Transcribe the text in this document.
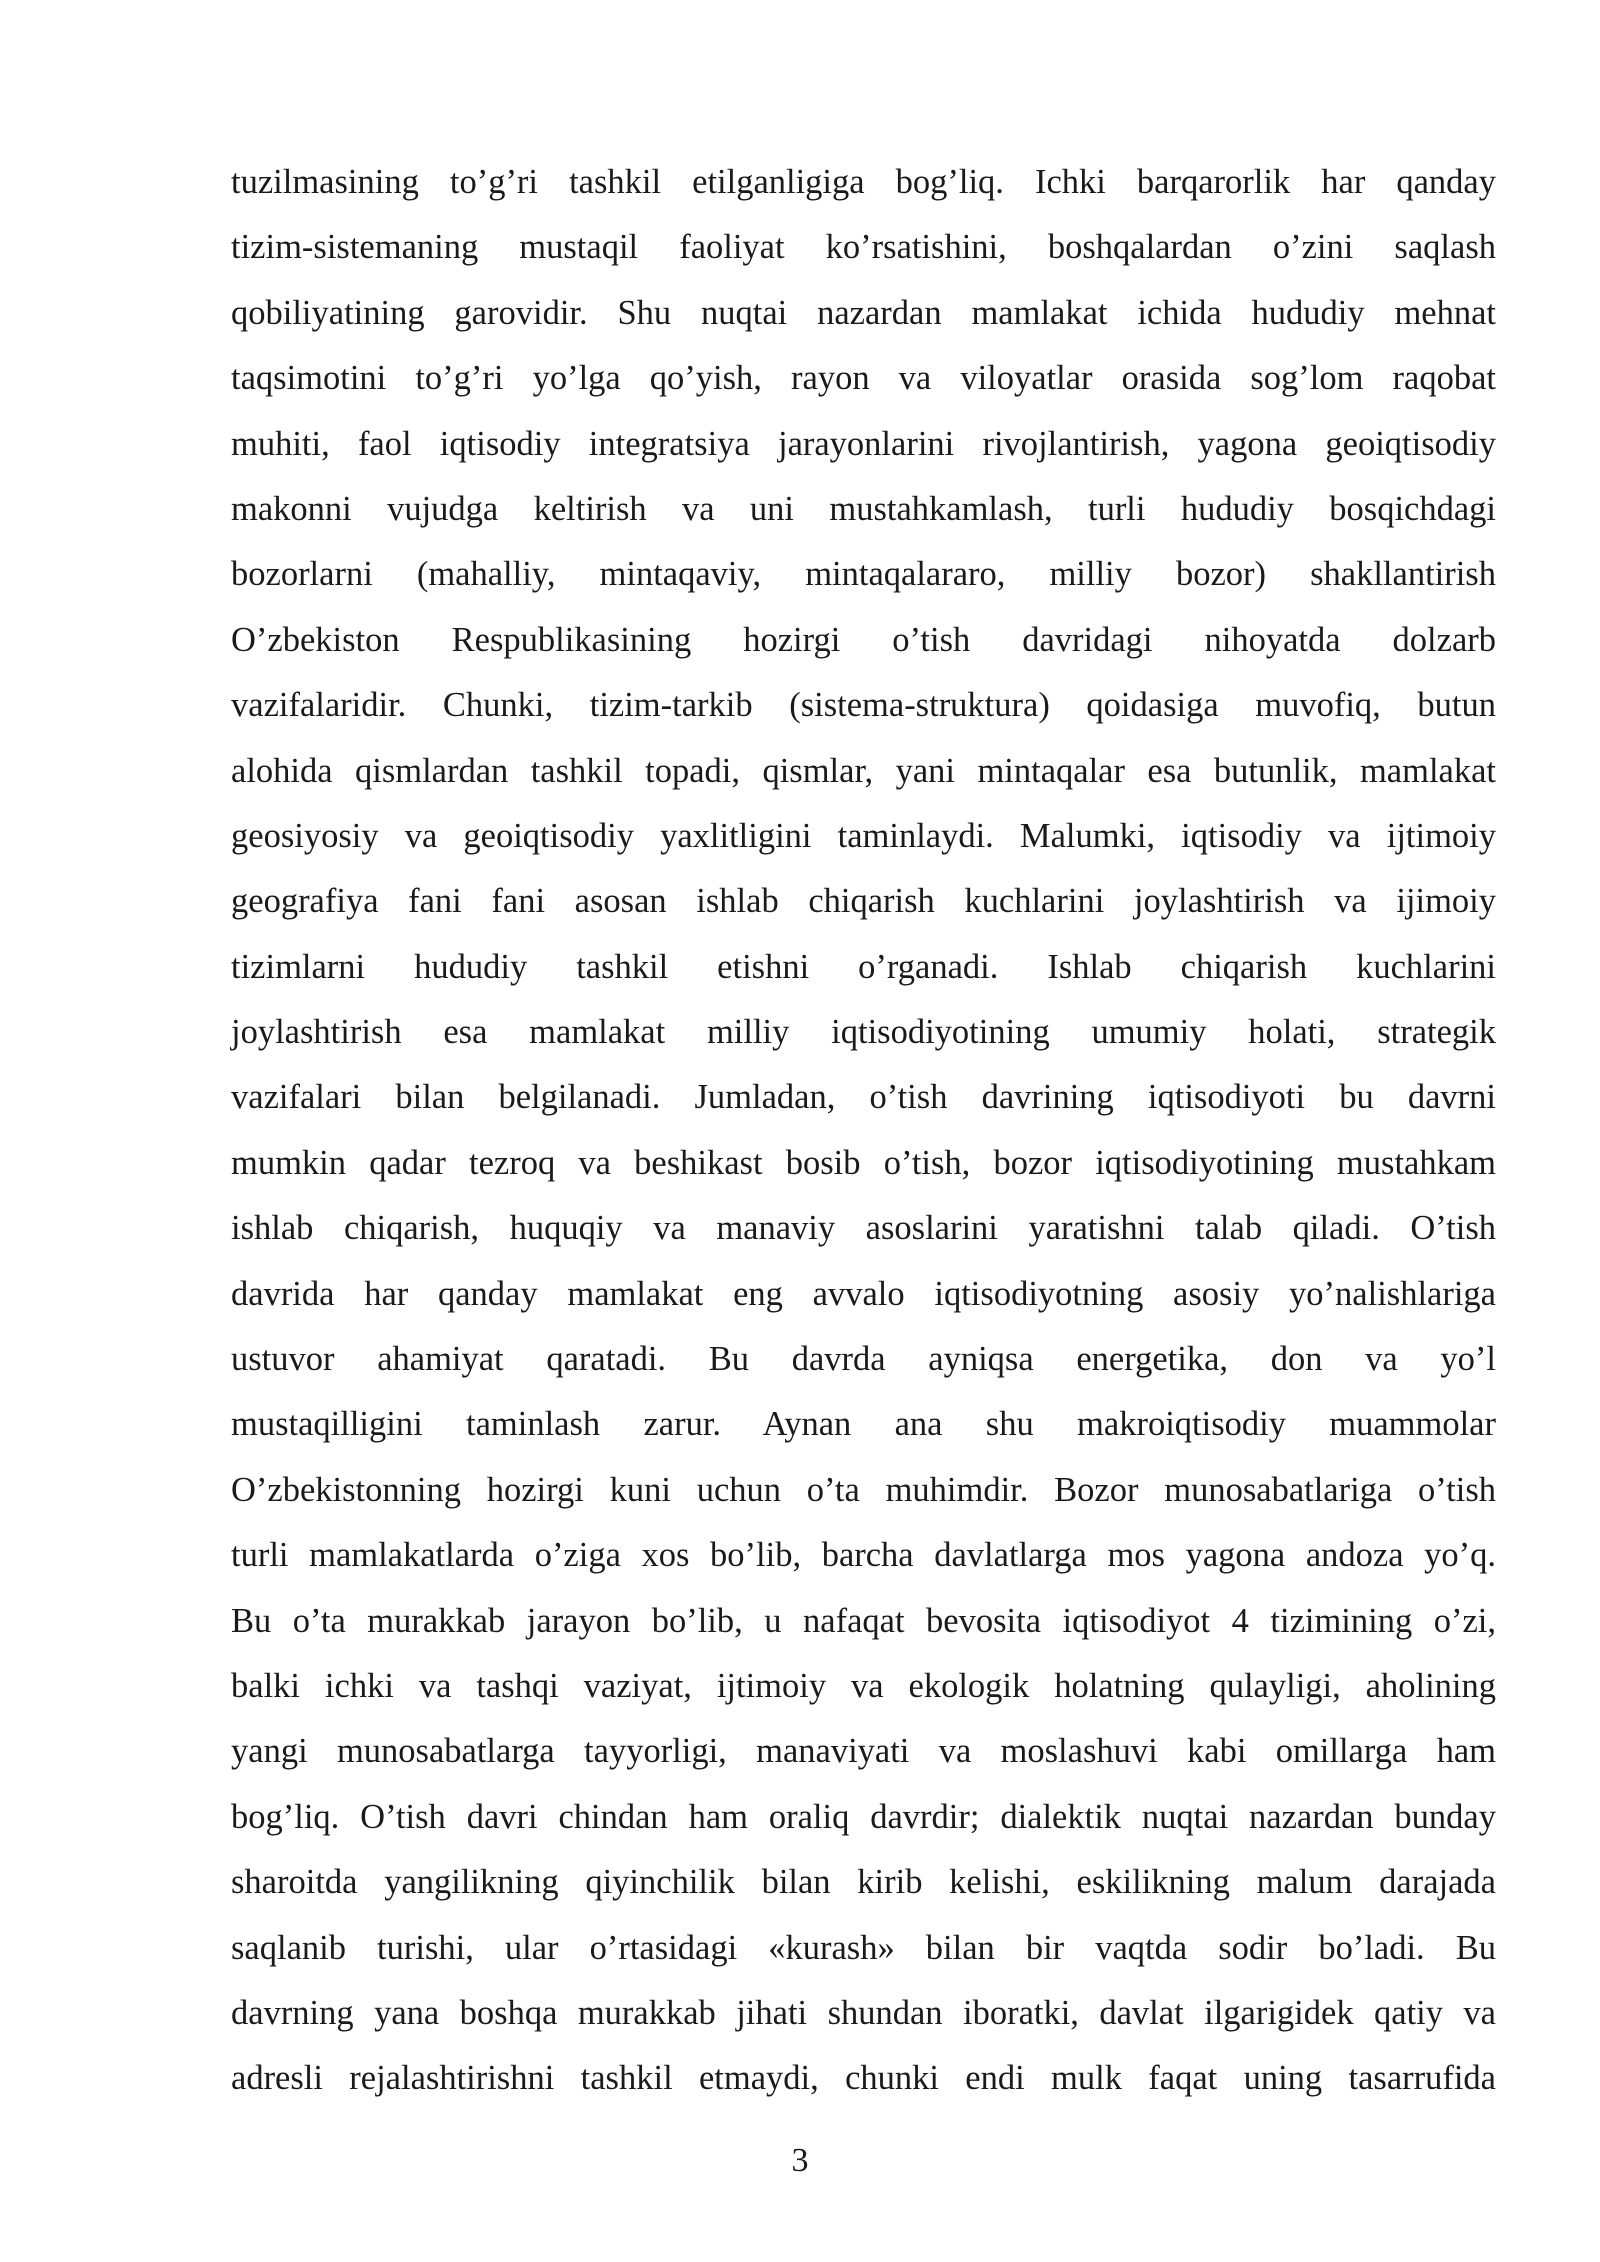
tuzilmasining to’g’ri tashkil etilganligiga bog’liq. Ichki barqarorlik har qanday
tizim-sistemaning mustaqil faoliyat ko’rsatishini, boshqalardan o’zini saqlash
qobiliyatining garovidir. Shu nuqtai nazardan mamlakat ichida hududiy mehnat
taqsimotini to’g’ri yo’lga qo’yish, rayon va viloyatlar orasida sog’lom raqobat
muhiti, faol iqtisodiy integratsiya jarayonlarini rivojlantirish, yagona geoiqtisodiy
makonni vujudga keltirish va uni mustahkamlash, turli hududiy bosqichdagi
bozorlarni (mahalliy, mintaqaviy, mintaqalararo, milliy bozor) shakllantirish
O’zbekiston Respublikasining hozirgi o’tish davridagi nihoyatda dolzarb
vazifalaridir. Chunki, tizim-tarkib (sistema-struktura) qoidasiga muvofiq, butun
alohida qismlardan tashkil topadi, qismlar, yani mintaqalar esa butunlik, mamlakat
geosiyosiy va geoiqtisodiy yaxlitligini taminlaydi. Malumki, iqtisodiy va ijtimoiy
geografiya fani fani asosan ishlab chiqarish kuchlarini joylashtirish va ijimoiy
tizimlarni hududiy tashkil etishni o’rganadi. Ishlab chiqarish kuchlarini
joylashtirish esa mamlakat milliy iqtisodiyotining umumiy holati, strategik
vazifalari bilan belgilanadi. Jumladan, o’tish davrining iqtisodiyoti bu davrni
mumkin qadar tezroq va beshikast bosib o’tish, bozor iqtisodiyotining mustahkam
ishlab chiqarish, huquqiy va manaviy asoslarini yaratishni talab qiladi. O’tish
davrida har qanday mamlakat eng avvalo iqtisodiyotning asosiy yo’nalishlariga
ustuvor ahamiyat qaratadi. Bu davrda ayniqsa energetika, don va yo’l
mustaqilligini taminlash zarur. Aynan ana shu makroiqtisodiy muammolar
O’zbekistonning hozirgi kuni uchun o’ta muhimdir. Bozor munosabatlariga o’tish
turli mamlakatlarda o’ziga xos bo’lib, barcha davlatlarga mos yagona andoza yo’q.
Bu o’ta murakkab jarayon bo’lib, u nafaqat bevosita iqtisodiyot 4 tizimining o’zi,
balki ichki va tashqi vaziyat, ijtimoiy va ekologik holatning qulayligi, aholining
yangi munosabatlarga tayyorligi, manaviyati va moslashuvi kabi omillarga ham
bog’liq. O’tish davri chindan ham oraliq davrdir; dialektik nuqtai nazardan bunday
sharoitda yangilikning qiyinchilik bilan kirib kelishi, eskilikning malum darajada
saqlanib turishi, ular o’rtasidagi «kurash» bilan bir vaqtda sodir bo’ladi. Bu
davrning yana boshqa murakkab jihati shundan iboratki, davlat ilgarigidek qatiy va
adresli rejalashtirishni tashkil etmaydi, chunki endi mulk faqat uning tasarrufida
3
